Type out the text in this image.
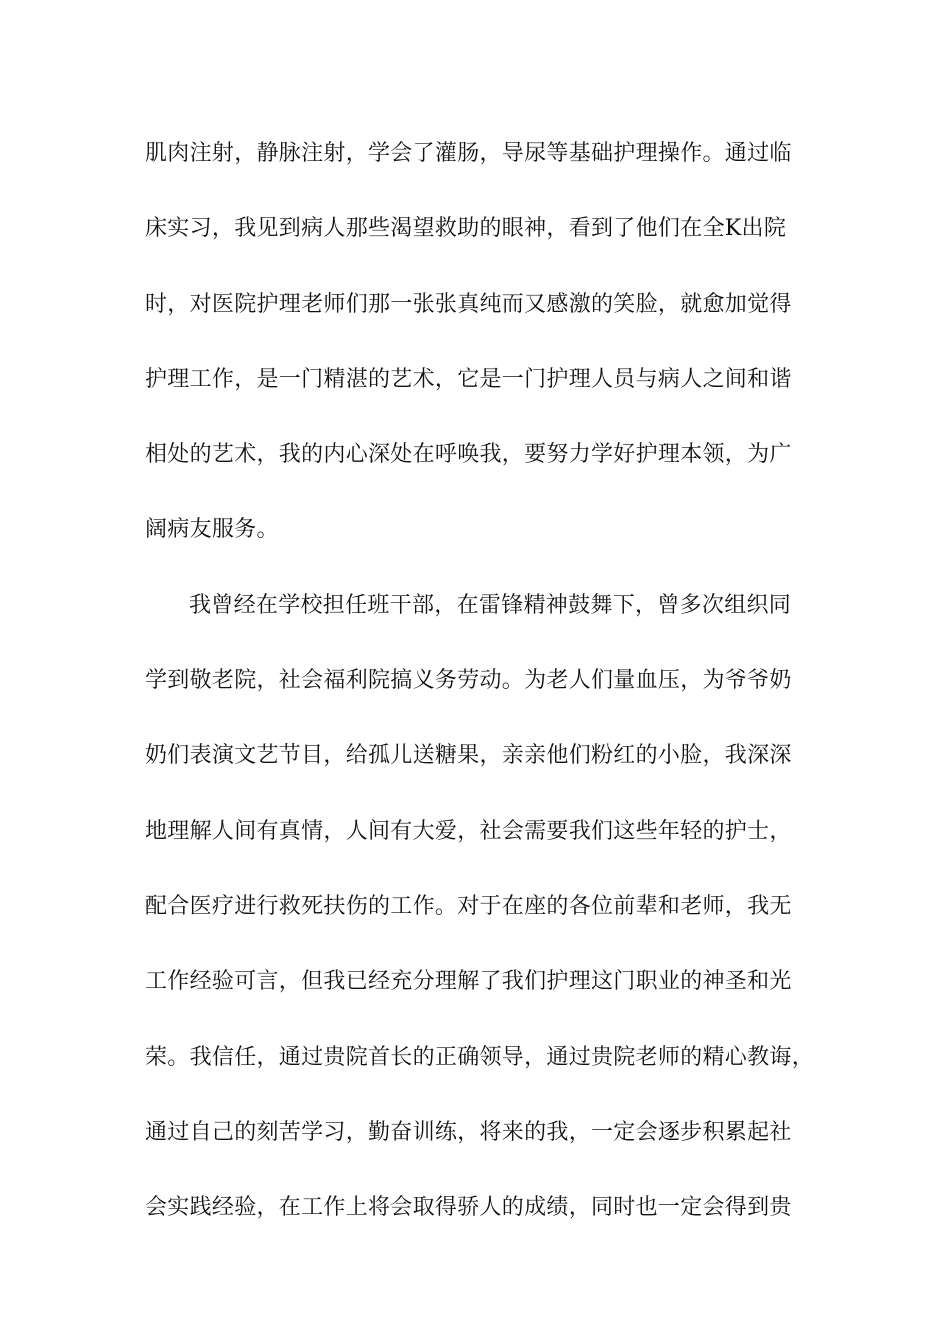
肌肉注射，静脉注射，学会了灌肠，导尿等基础护理操作。通过临
床实习，我见到病人那些渴望救助的眼神，看到了他们在全K出院
时，对医院护理老师们那一张张真纯而又感激的笑脸，就愈加觉得
护理工作，是一门精湛的艺术，它是一门护理人员与病人之间和谐
相处的艺术，我的内心深处在呼唤我，要努力学好护理本领，为广
阔病友服务。
我曾经在学校担任班干部，在雷锋精神鼓舞下，曾多次组织同
学到敬老院，社会福利院搞义务劳动。为老人们量血压，为爷爷奶
奶们表演文艺节目，给孤儿送糖果，亲亲他们粉红的小脸，我深深
地理解人间有真情，人间有大爱，社会需要我们这些年轻的护士，
配合医疗进行救死扶伤的工作。对于在座的各位前辈和老师，我无
工作经验可言，但我已经充分理解了我们护理这门职业的神圣和光
荣。我信任，通过贵院首长的正确领导，通过贵院老师的精心教诲，
通过自己的刻苦学习，勤奋训练，将来的我，一定会逐步积累起社
会实践经验，在工作上将会取得骄人的成绩，同时也一定会得到贵
